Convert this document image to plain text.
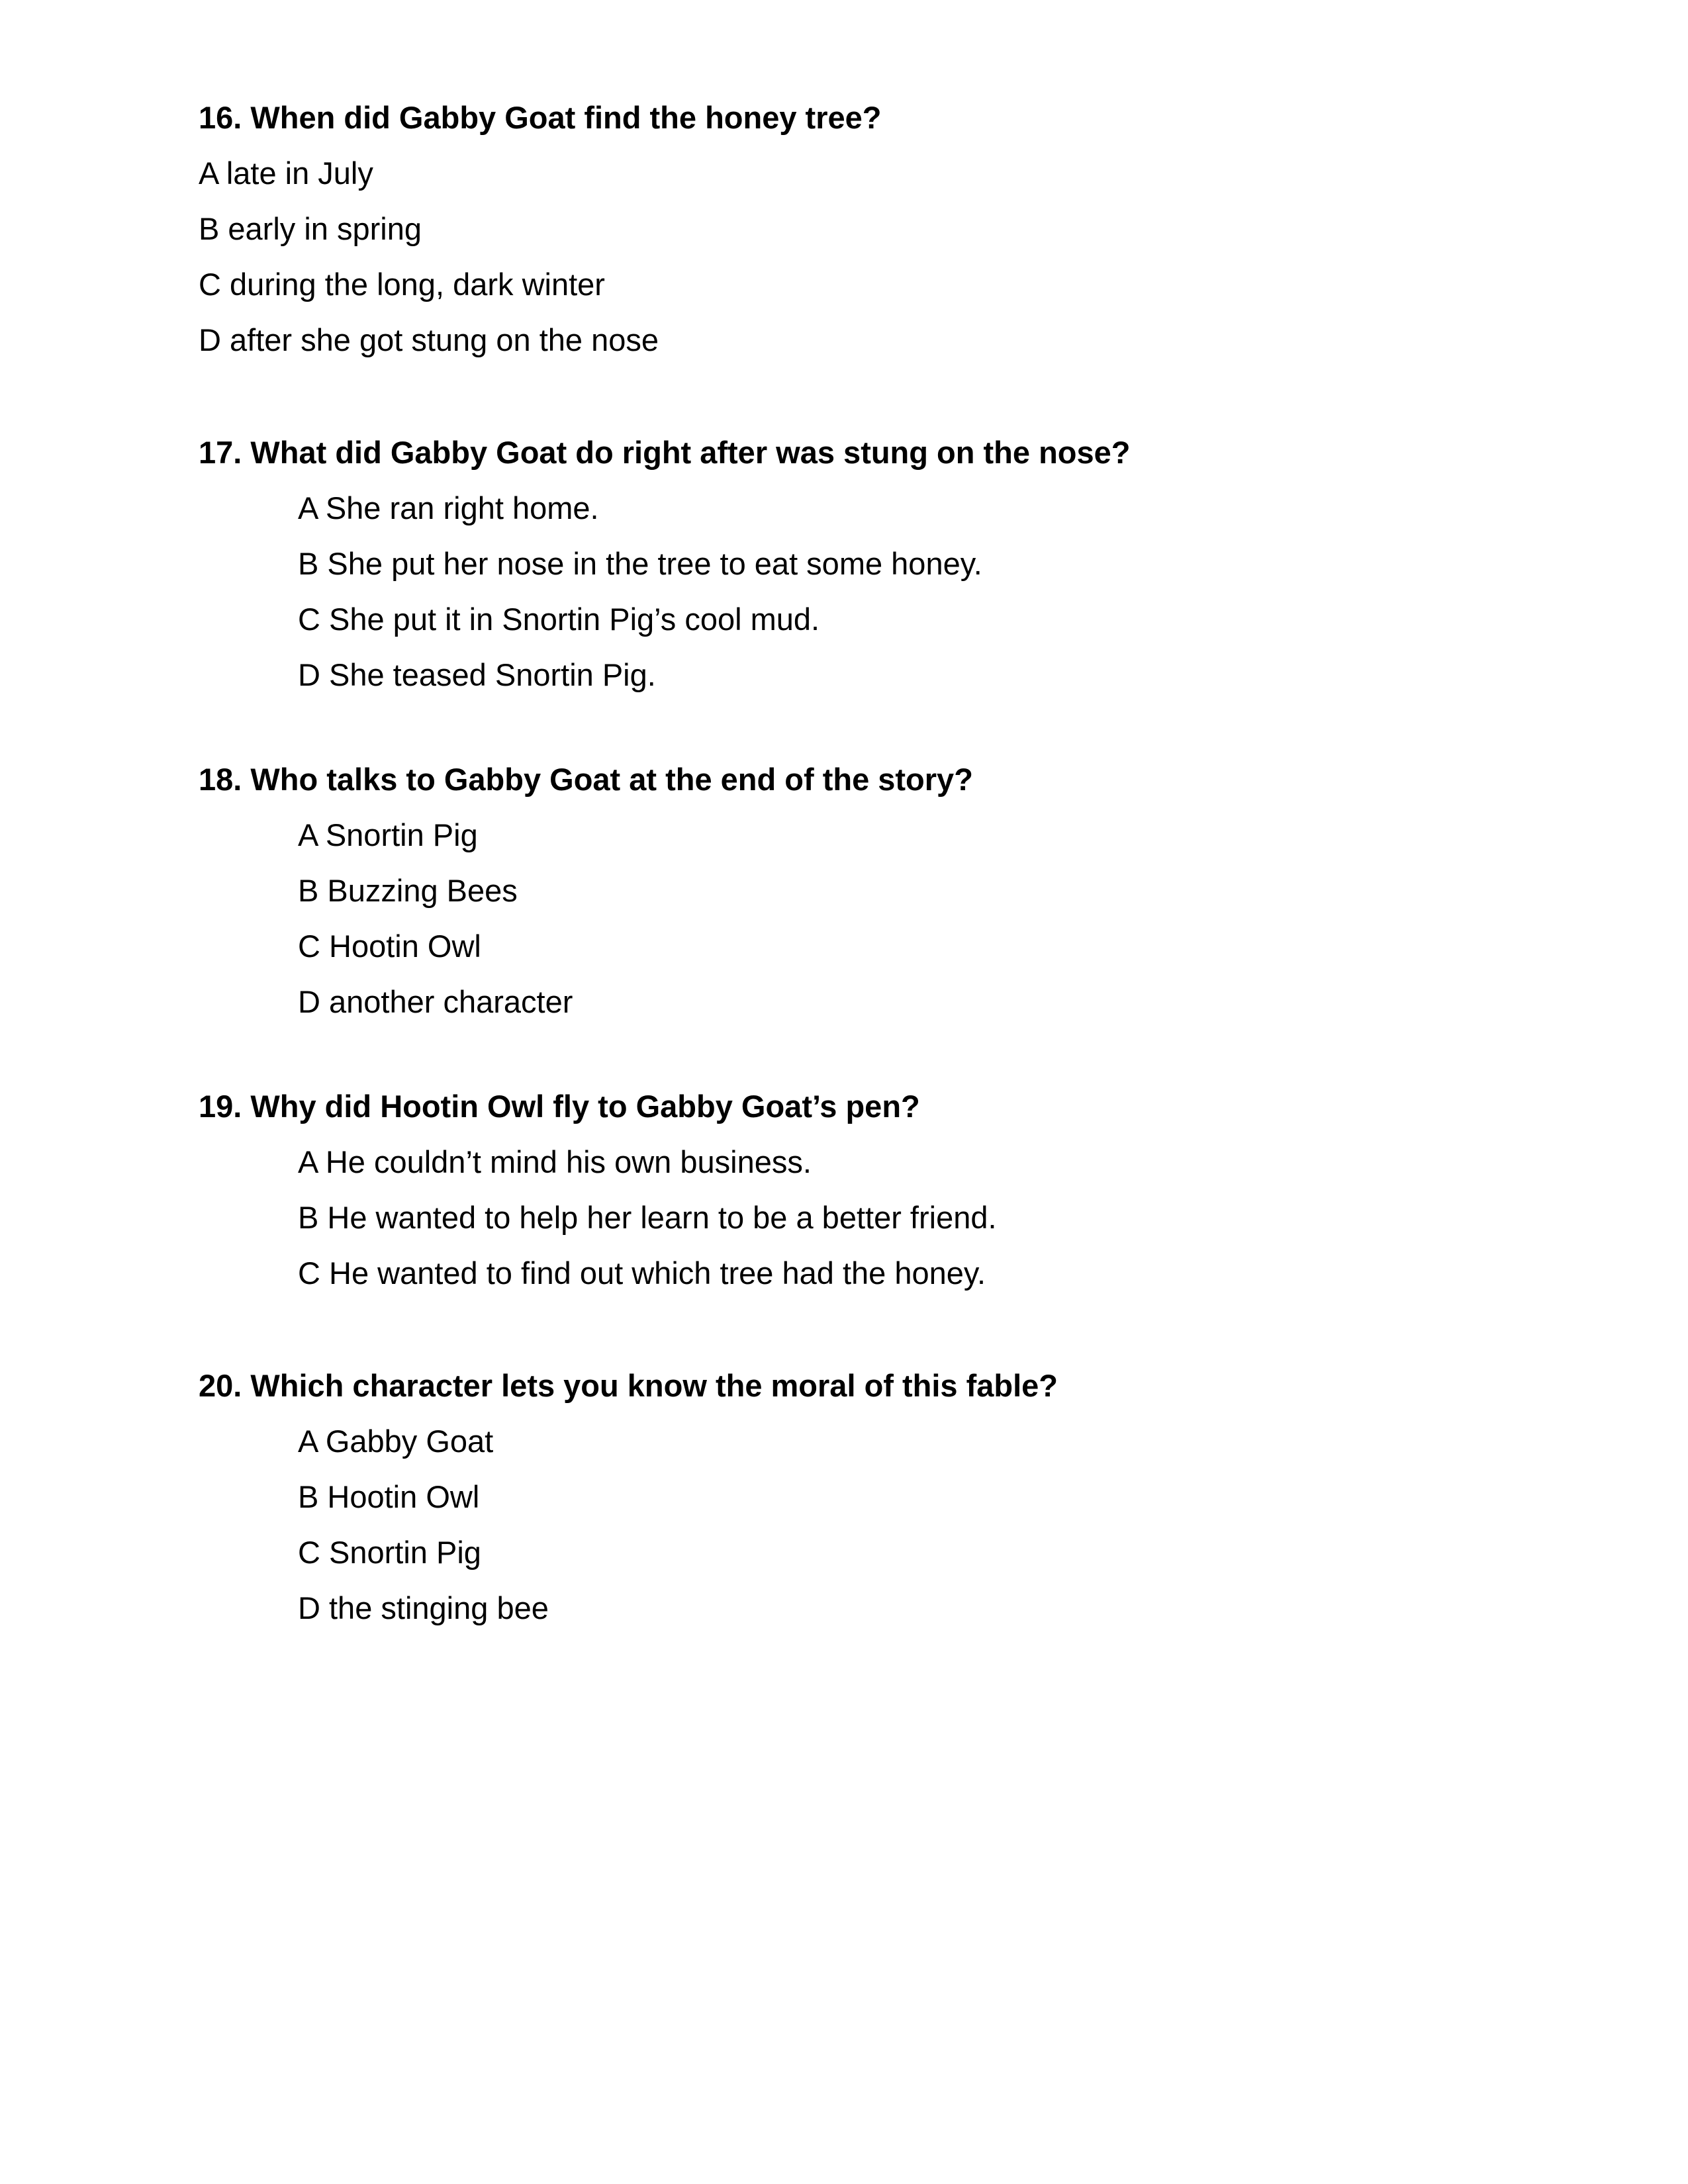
16. When did Gabby Goat find the honey tree?
A late in July
B early in spring
C during the long, dark winter
D after she got stung on the nose
17. What did Gabby Goat do right after was stung on the nose?
A She ran right home.
B She put her nose in the tree to eat some honey.
C She put it in Snortin Pig’s cool mud.
D She teased Snortin Pig.
18. Who talks to Gabby Goat at the end of the story?
A Snortin Pig
B Buzzing Bees
C Hootin Owl
D another character
19. Why did Hootin Owl fly to Gabby Goat’s pen?
A He couldn’t mind his own business.
B He wanted to help her learn to be a better friend.
C He wanted to find out which tree had the honey.
20. Which character lets you know the moral of this fable?
A Gabby Goat
B Hootin Owl
C Snortin Pig
D the stinging bee
